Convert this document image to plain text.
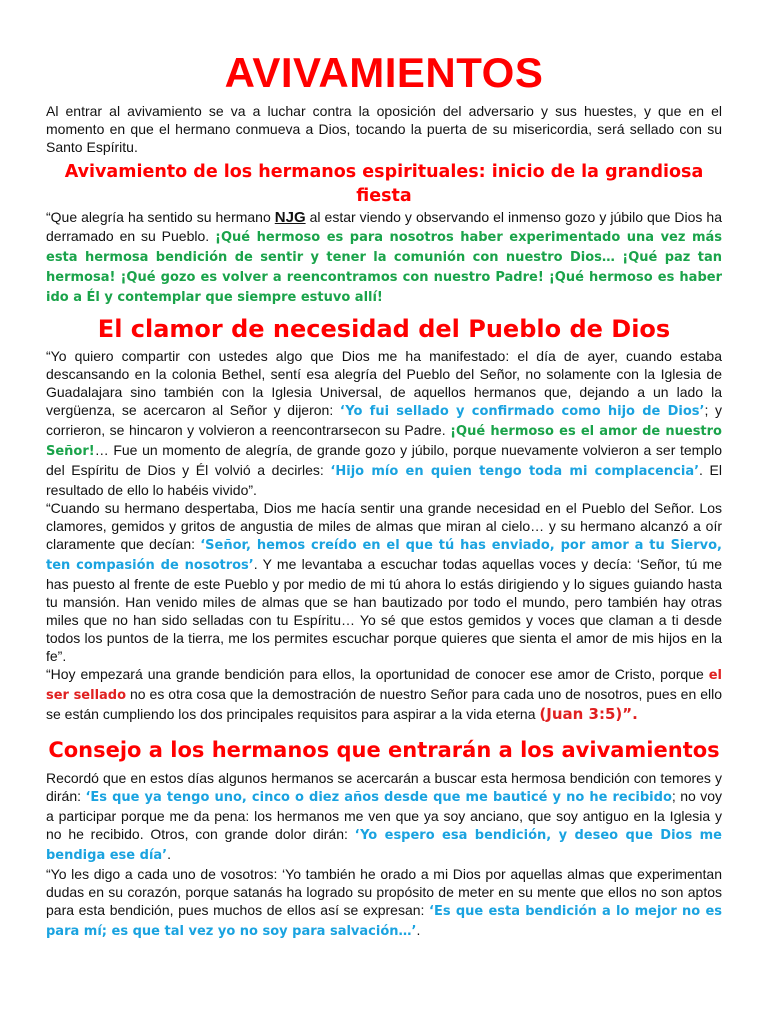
AVIVAMIENTOS

Al entrar al avivamiento se va a luchar contra la oposición del adversario y sus huestes, y que en el momento en que el hermano conmueva a Dios, tocando la puerta de su misericordia, será sellado con su Santo Espíritu.

Avivamiento de los hermanos espirituales: inicio de la grandiosa fiesta

“Que alegría ha sentido su hermano NJG al estar viendo y observando el inmenso gozo y júbilo que Dios ha derramado en su Pueblo. ¡Qué hermoso es para nosotros haber experimentado una vez más esta hermosa bendición de sentir y tener la comunión con nuestro Dios… ¡Qué paz tan hermosa! ¡Qué gozo es volver a reencontramos con nuestro Padre! ¡Qué hermoso es haber ido a Él y contemplar que siempre estuvo allí!

El clamor de necesidad del Pueblo de Dios

“Yo quiero compartir con ustedes algo que Dios me ha manifestado: el día de ayer, cuando estaba descansando en la colonia Bethel, sentí esa alegría del Pueblo del Señor, no solamente con la Iglesia de Guadalajara sino también con la Iglesia Universal, de aquellos hermanos que, dejando a un lado la vergüenza, se acercaron al Señor y dijeron: ‘Yo fui sellado y confirmado como hijo de Dios’; y corrieron, se hincaron y volvieron a reencontrarsecon su Padre. ¡Qué hermoso es el amor de nuestro Señor!… Fue un momento de alegría, de grande gozo y júbilo, porque nuevamente volvieron a ser templo del Espíritu de Dios y Él volvió a decirles: ‘Hijo mío en quien tengo toda mi complacencia’. El resultado de ello lo habéis vivido”.

“Cuando su hermano despertaba, Dios me hacía sentir una grande necesidad en el Pueblo del Señor. Los clamores, gemidos y gritos de angustia de miles de almas que miran al cielo… y su hermano alcanzó a oír claramente que decían: ‘Señor, hemos creído en el que tú has enviado, por amor a tu Siervo, ten compasión de nosotros’. Y me levantaba a escuchar todas aquellas voces y decía: ‘Señor, tú me has puesto al frente de este Pueblo y por medio de mi tú ahora lo estás dirigiendo y lo sigues guiando hasta tu mansión. Han venido miles de almas que se han bautizado por todo el mundo, pero también hay otras miles que no han sido selladas con tu Espíritu… Yo sé que estos gemidos y voces que claman a ti desde todos los puntos de la tierra, me los permites escuchar porque quieres que sienta el amor de mis hijos en la fe”.

“Hoy empezará una grande bendición para ellos, la oportunidad de conocer ese amor de Cristo, porque el ser sellado no es otra cosa que la demostración de nuestro Señor para cada uno de nosotros, pues en ello se están cumpliendo los dos principales requisitos para aspirar a la vida eterna (Juan 3:5)”.

Consejo a los hermanos que entrarán a los avivamientos

Recordó que en estos días algunos hermanos se acercarán a buscar esta hermosa bendición con temores y dirán: ‘Es que ya tengo uno, cinco o diez años desde que me bauticé y no he recibido; no voy a participar porque me da pena: los hermanos me ven que ya soy anciano, que soy antiguo en la Iglesia y no he recibido. Otros, con grande dolor dirán: ‘Yo espero esa bendición, y deseo que Dios me bendiga ese día’.

“Yo les digo a cada uno de vosotros: ‘Yo también he orado a mi Dios por aquellas almas que experimentan dudas en su corazón, porque satanás ha logrado su propósito de meter en su mente que ellos no son aptos para esta bendición, pues muchos de ellos así se expresan: ‘Es que esta bendición a lo mejor no es para mí; es que tal vez yo no soy para salvación…’.
